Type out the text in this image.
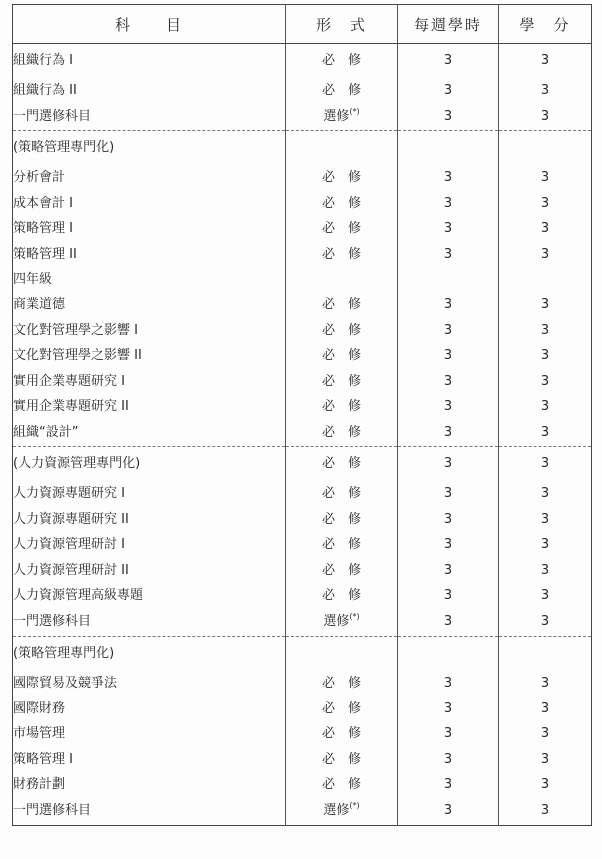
科　　目	形　式	每週學時	學　分
組織行為 I	必　修	3	3
組織行為 II	必　修	3	3
一門選修科目	選修(*)	3	3
(策略管理專門化)			
分析會計	必　修	3	3
成本會計 I	必　修	3	3
策略管理 I	必　修	3	3
策略管理 II	必　修	3	3
四年級			
商業道德	必　修	3	3
文化對管理學之影響 I	必　修	3	3
文化對管理學之影響 II	必　修	3	3
實用企業專題研究 I	必　修	3	3
實用企業專題研究 II	必　修	3	3
組織“設計”	必　修	3	3
(人力資源管理專門化)	必　修	3	3
人力資源專題研究 I	必　修	3	3
人力資源專題研究 II	必　修	3	3
人力資源管理研討 I	必　修	3	3
人力資源管理研討 II	必　修	3	3
人力資源管理高級專題	必　修	3	3
一門選修科目	選修(*)	3	3
(策略管理專門化)			
國際貿易及競爭法	必　修	3	3
國際財務	必　修	3	3
市場管理	必　修	3	3
策略管理 I	必　修	3	3
財務計劃	必　修	3	3
一門選修科目	選修(*)	3	3
